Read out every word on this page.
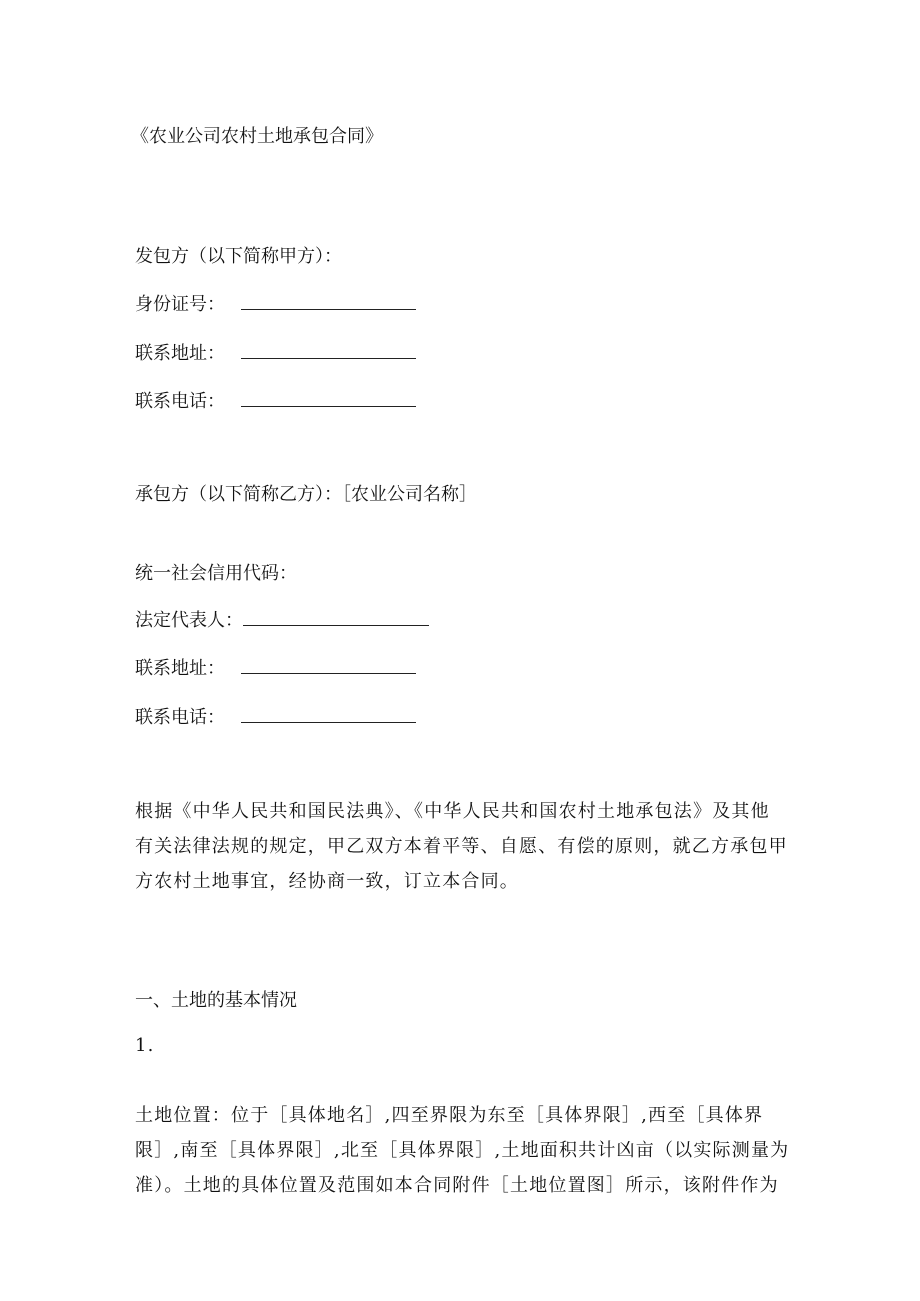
《农业公司农村土地承包合同》
发包方（以下简称甲方）：
身份证号：
联系地址：
联系电话：
承包方（以下简称乙方）：［农业公司名称］
统一社会信用代码：
法定代表人：
联系地址：
联系电话：
根据《中华人民共和国民法典》、《中华人民共和国农村土地承包法》及其他
有关法律法规的规定，甲乙双方本着平等、自愿、有偿的原则，就乙方承包甲
方农村土地事宜，经协商一致，订立本合同。
一、土地的基本情况
1.

土地位置：位于［具体地名］,四至界限为东至［具体界限］,西至［具体界
限］,南至［具体界限］,北至［具体界限］,土地面积共计凶亩（以实际测量为
准）。土地的具体位置及范围如本合同附件［土地位置图］所示，该附件作为
